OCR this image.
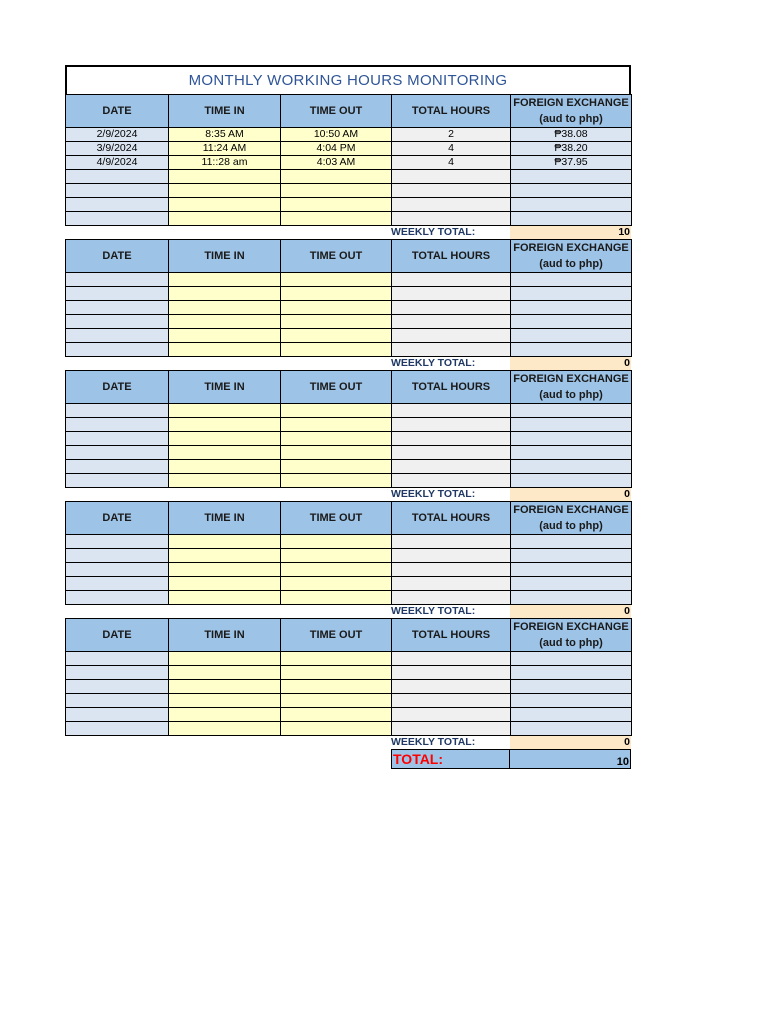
MONTHLY WORKING HOURS MONITORING
DATE	TIME IN	TIME OUT	TOTAL HOURS	FOREIGN EXCHANGE
(aud to php)

2/9/2024	8:35 AM	10:50 AM	2	₱38.08
3/9/2024	11:24 AM	4:04 PM	4	₱38.20
4/9/2024	11::28 am	4:03 AM	4	₱37.95

WEEKLY TOTAL:	10
DATE	TIME IN	TIME OUT	TOTAL HOURS	FOREIGN EXCHANGE
(aud to php)

WEEKLY TOTAL:	0
DATE	TIME IN	TIME OUT	TOTAL HOURS	FOREIGN EXCHANGE
(aud to php)

WEEKLY TOTAL:	0
DATE	TIME IN	TIME OUT	TOTAL HOURS	FOREIGN EXCHANGE
(aud to php)

WEEKLY TOTAL:	0
DATE	TIME IN	TIME OUT	TOTAL HOURS	FOREIGN EXCHANGE
(aud to php)

WEEKLY TOTAL:	0
TOTAL:	10
